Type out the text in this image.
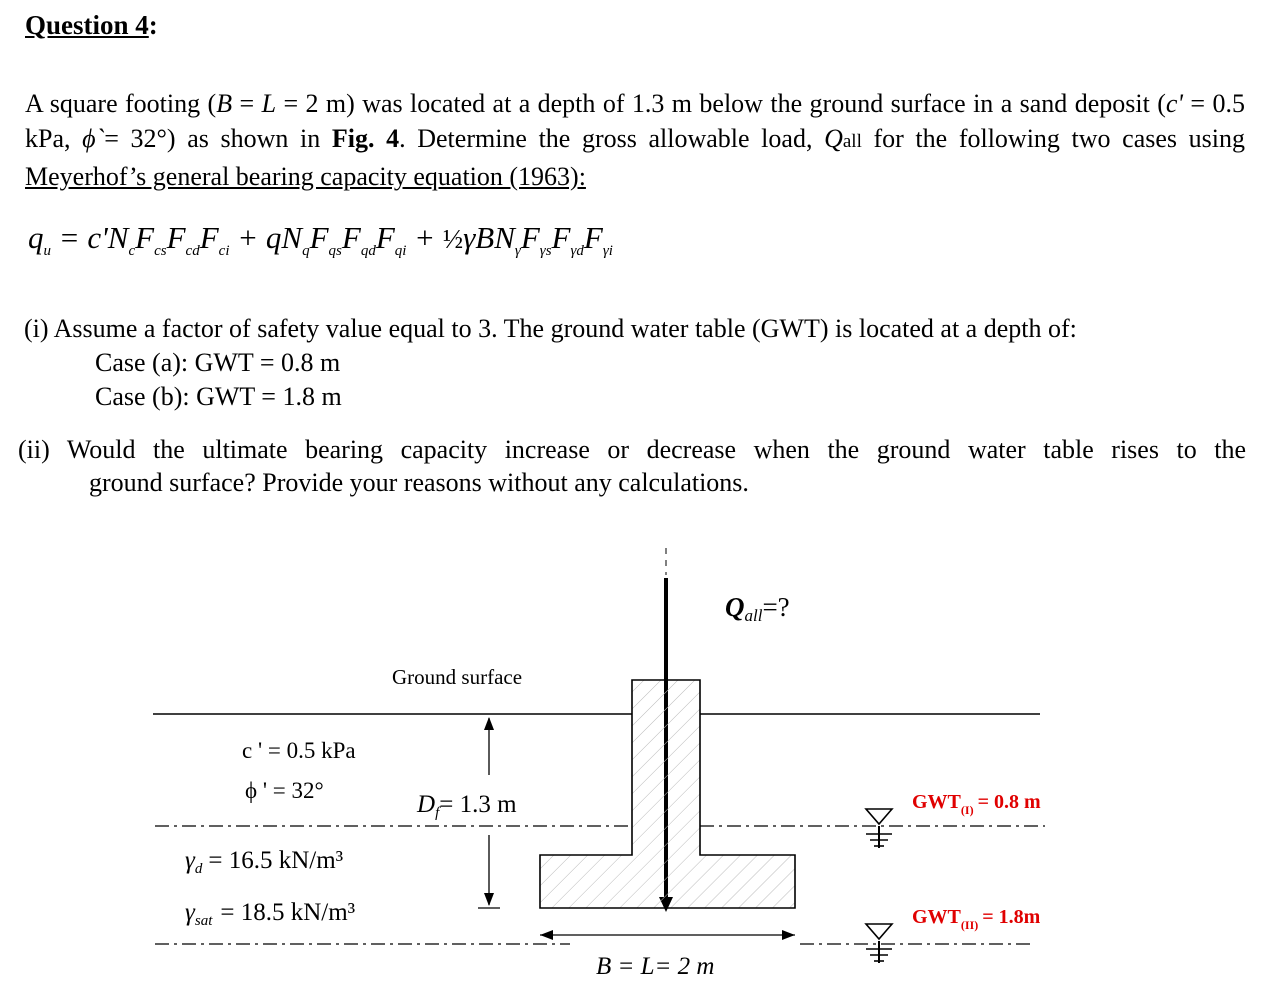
Question 4:
A square footing (B = L = 2 m) was located at a depth of 1.3 m below the ground surface in a sand deposit (c' = 0.5 kPa, ϕ`= 32°) as shown in Fig. 4. Determine the gross allowable load, Qall for the following two cases using Meyerhof’s general bearing capacity equation (1963):
$q_u = c'N_cF_{cs}F_{cd}F_{ci} + qN_qF_{qs}F_{qd}F_{qi}$ + $\frac{1}{2}\gamma BN_\gamma F_{\gamma s}F_{\gamma d}F_{\gamma i}$
(i) Assume a factor of safety value equal to 3. The ground water table (GWT) is located at a depth of:
Case (a): GWT = 0.8 m
Case (b): GWT = 1.8 m
(ii) Would the ultimate bearing capacity increase or decrease when the ground water table rises to the
ground surface? Provide your reasons without any calculations.
Qall=?
Ground surface
c ' = 0.5 kPa
ϕ ' = 32°
$D_f= 1.3$ m
$\gamma_d = 16.5$ kN/m³
$\gamma_{sat} = 18.5$ kN/m³
$GWT_{(I)} = 0.8$ m
$GWT_{(II)} = 1.8m$
B = L= 2 m
